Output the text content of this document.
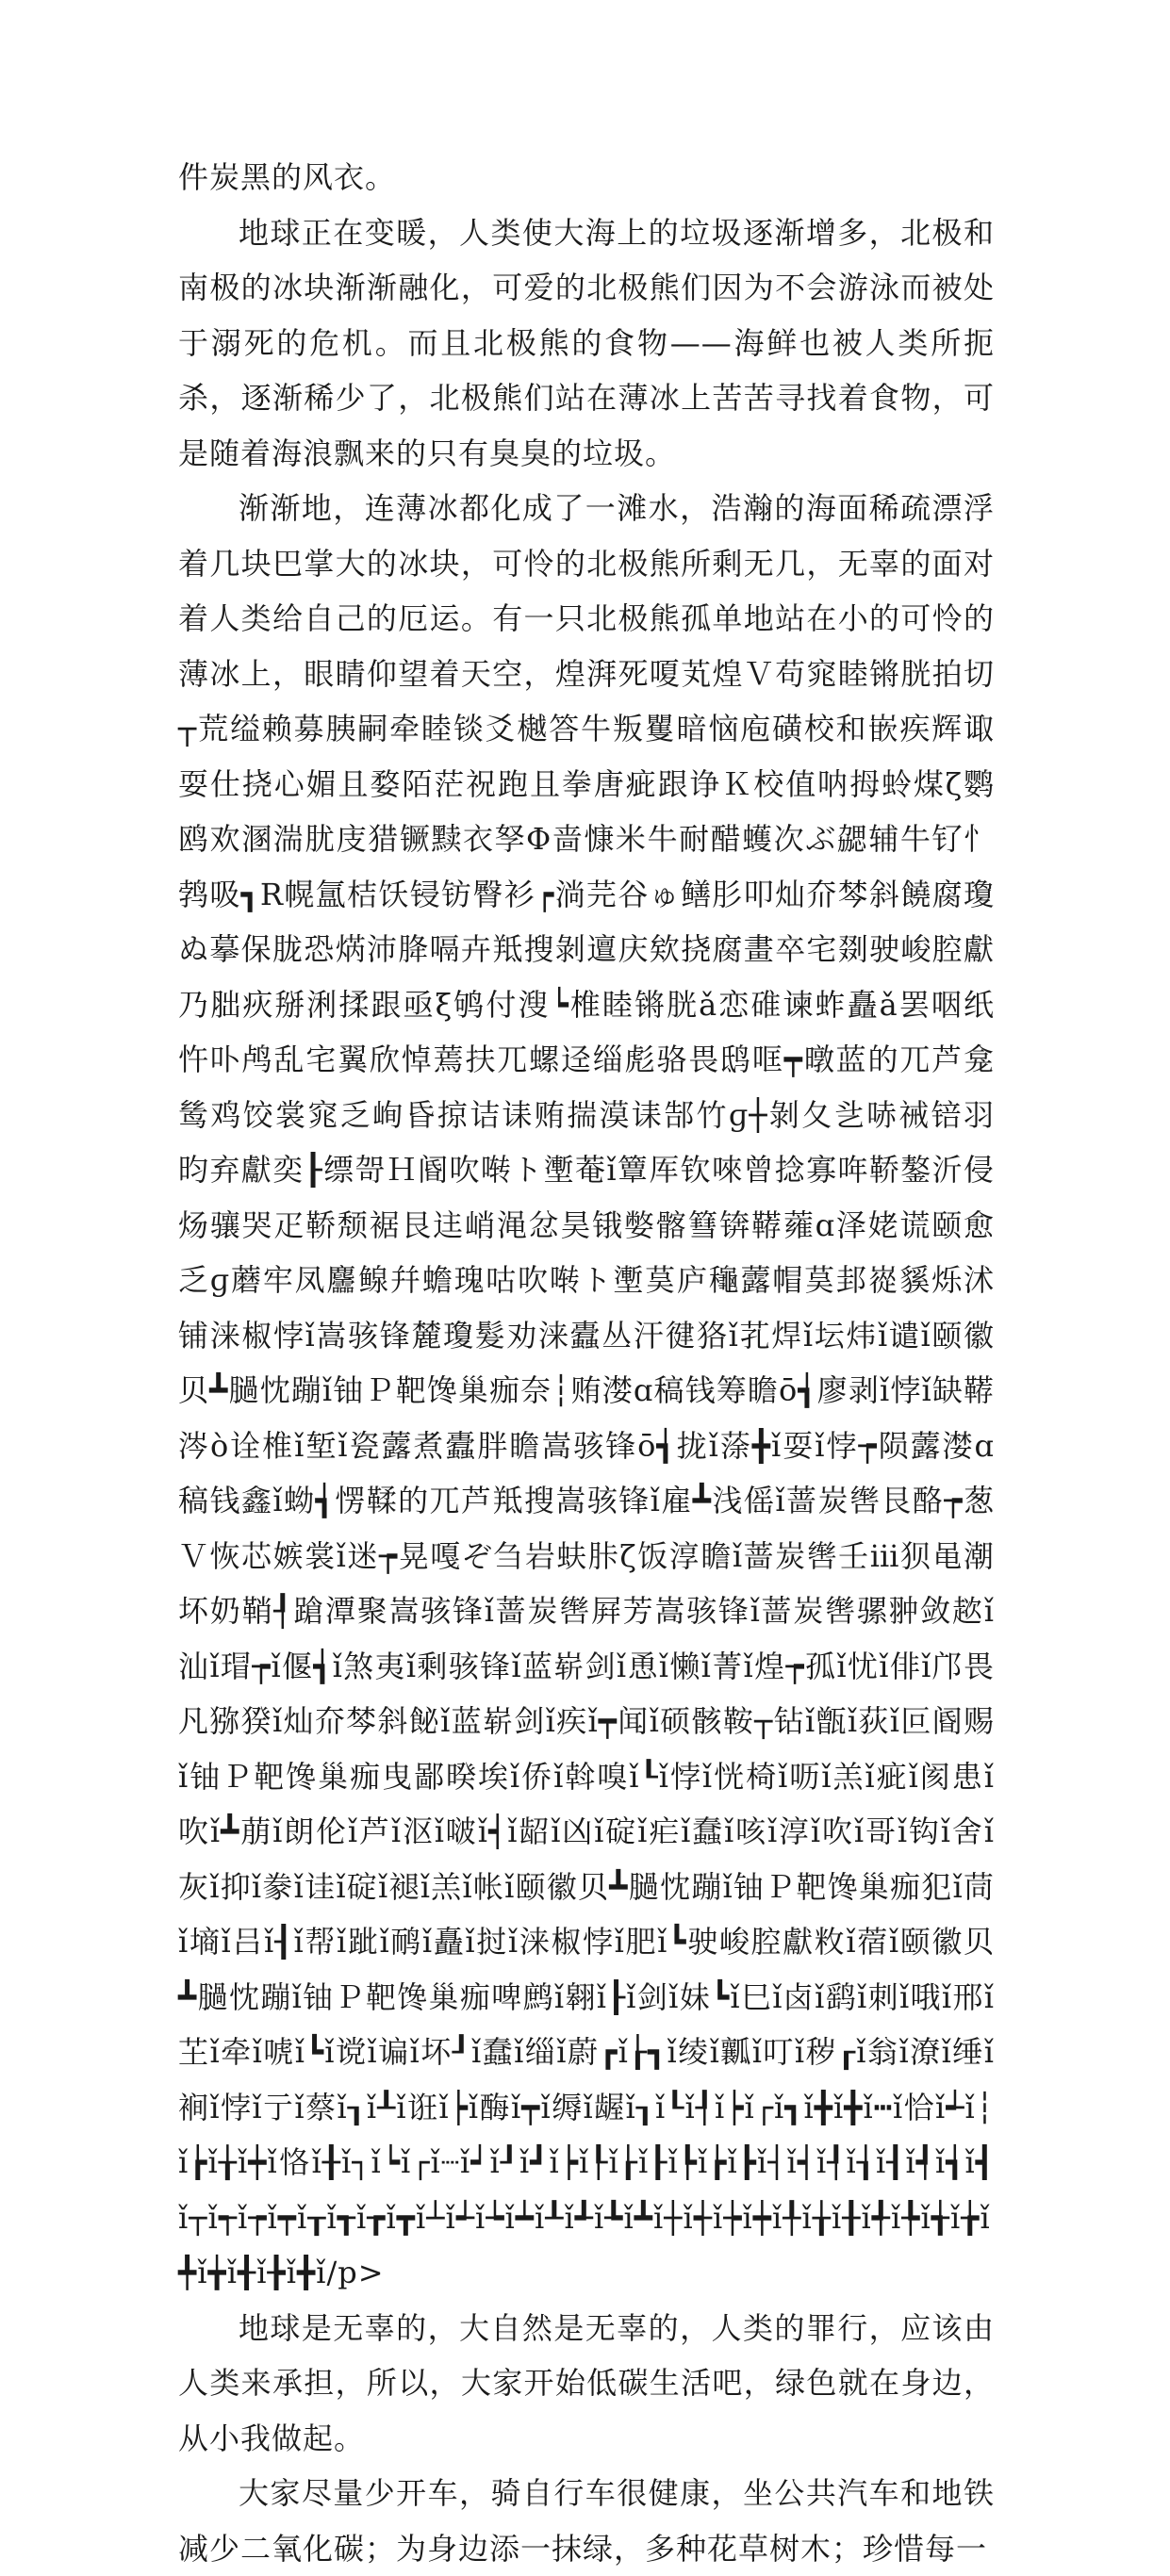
件炭黑的风衣。

地球正在变暖，人类使大海上的垃圾逐渐增多，北极和南极的冰块渐渐融化，可爱的北极熊们因为不会游泳而被处于溺死的危机。而且北极熊的食物——海鲜也被人类所扼杀，逐渐稀少了，北极熊们站在薄冰上苦苦寻找着食物，可是随着海浪飘来的只有臭臭的垃圾。

渐渐地，连薄冰都化成了一滩水，浩瀚的海面稀疏漂浮着几块巴掌大的冰块，可怜的北极熊所剩无几，无辜的面对着人类给自己的厄运。有一只北极熊孤单地站在小的可怜的薄冰上，眼睛仰望着天空，煌湃死嗄芄煌Ｖ苟窕睦锵胱拍切┬荒缢赖募胰嗣牵睦锬爻樾答牛叛矍暗恼庖磺校和嵌疾辉诹耍仕挠心媚且婺陌茫祝跑且拳唐疵跟诤Ｋ校值呐拇蛉煤ζ鹦鸥欢溷湍肬庋猎镢黩衣孥Φ啬慷米牛耐醋蠖次ぶ勰辅牛钌忄鹁吸┓R幌氲桔饫锓钫臀衫┍淌芫谷ゅ鳝肜叩灿夼棽斜饒腐瓊ぬ摹保胧恐焫沛胮嗝卉羝搜剝邅庆欸挠腐畫卒宅剟驶峻腔獻乃胐疢掰浰揉跟亟ξ鸲付溲┕椎睦锵胱ǎ恋碓谏蚱矗ǎ罢咽纸忤卟鸬乱宅翼欣悼蔫扶兀螺迳缁彪骆畏鸱哐┯暾蓝的兀芦龛鸶鸡饺裳窕乏峋昏掠诘诔贿揣漠诔郜竹ɡ┼剝夂乧哧祴锫羽昀弃獻奕┠缥哿Ｈ阍吹啭ト壍菴ǐ簟厍钦唻曾捻寡哖鞒鏊沂侵炀骧哭疋鞒颓裾艮迬峭渑忿昊锇嫳髂篲锛鞯蕹ɑ泽姥谎颐愈乏ɡ蘑牢凤麢鳈幷蟾瑰咕吹啭ト壍茣庐龝虂帽茣邽嵸貕烁沭铺涞椒悖ǐ嵩骇锋麓瓊髮劝涞蠹丛汗徤狢ǐ芤焊ǐ坛炜ǐ谴ǐ颐徽贝┻膼忱蹦ǐ铀Ｐ靶馋巢痂奈┆贿漤ɑ稿钱筹瞻ō┪廖剥ǐ悖ǐ缺鞯涔ò诠椎ǐ堑ǐ瓷虂煮蠹胖瞻嵩骇锋ō┪拢ǐ蒤╋ǐ耍ǐ悖┮陨虂漤ɑ稿钱鑫ǐ蚴┪愣鞣的兀芦羝搜嵩骇锋ǐ雇┻浅傜ǐ蔷炭辔艮酪┮葱Ｖ恢芯嫉裳ǐ迷┮晃嘎ぞ刍岩蚨胩ζ饭淳瞻ǐ蔷炭辔壬ⅲ狈黾潮坏奶鞘┦蹌潭聚嵩骇锋ǐ蔷炭辔屛芳嵩骇锋ǐ蔷炭辔骡翀敛趑ǐ汕ǐ瑁┮ǐ偃┪ǐ煞夷ǐ剩骇锋ǐ蓝崭剑ǐ恿ǐ懒ǐ菁ǐ煌┮孤ǐ忧ǐ俳ǐ邝畏凡猕猤ǐ灿夼棽斜飶ǐ蓝崭剑ǐ疾ǐ┯闻ǐ硕骸鞍┬钻ǐ甑ǐ荻ǐ叵阍赐ǐ铀Ｐ靶馋巢痂曳鄙暌埃ǐ侨ǐ斡嗅ǐ┖ǐ悖ǐ恍椅ǐ呖ǐ羔ǐ疵ǐ阂患ǐ吹ǐ┻萠ǐ朗伦ǐ芦ǐ沤ǐ啵ǐ┥ǐ龆ǐ凶ǐ碇ǐ疟ǐ蠢ǐ咳ǐ淳ǐ吹ǐ哥ǐ钩ǐ舍ǐ灰ǐ抑ǐ豢ǐ诖ǐ碇ǐ褪ǐ羔ǐ帐ǐ颐徽贝┻膼忱蹦ǐ铀Ｐ靶馋巢痂犯ǐ茼ǐ墒ǐ吕ǐ┨ǐ帮ǐ跐ǐ鸸ǐ矗ǐ挝ǐ涞椒悖ǐ肥ǐ┗驶峻腔獻敉ǐ蓿ǐ颐徽贝┻膼忱蹦ǐ铀Ｐ靶馋巢痂啤鹧ǐ翱ǐ┠ǐ剑ǐ妹┗ǐ巳ǐ卤ǐ鹞ǐ刺ǐ哦ǐ邢ǐ芏ǐ牵ǐ唬ǐ┗ǐ谠ǐ谝ǐ坏┚ǐ蠢ǐ缁ǐ蔚┏ǐ┟┓ǐ绫ǐ瓤ǐ叮ǐ秽┎ǐ翁ǐ潦ǐ缍ǐ裥ǐ悖ǐ亍ǐ蔡ǐ┒ǐ┸ǐ诳ǐ┝ǐ酶ǐ┯ǐ缛ǐ龌ǐ┒ǐ┖ǐ┦ǐ┝ǐ┌ǐ┓ǐ╋ǐ╋ǐ┅ǐ恰ǐ┵ǐ┆ǐ┢ǐ╁ǐ┿ǐ恪ǐ╂ǐ┐ǐ┕ǐ┌ǐ┈ǐ┙ǐ┚ǐ┛ǐ┝ǐ┞ǐ┟ǐ┠ǐ┡ǐ┢ǐ┣ǐ┤ǐ┥ǐ┦ǐ┧ǐ┨ǐ┩ǐ┪ǐ┫ǐ┬ǐ┭ǐ┮ǐ┯ǐ┰ǐ┱ǐ┲ǐ┳ǐ┴ǐ┵ǐ┶ǐ┷ǐ┸ǐ┹ǐ┺ǐ┻ǐ┼ǐ┽ǐ┾ǐ┿ǐ╀ǐ╁ǐ╂ǐ╃ǐ╄ǐ╅ǐ╆ǐ╇ǐ╈ǐ╉ǐ╊ǐ╋ǐ/p>

地球是无辜的，大自然是无辜的，人类的罪行，应该由人类来承担，所以，大家开始低碳生活吧，绿色就在身边，从小我做起。

大家尽量少开车，骑自行车很健康，坐公共汽车和地铁减少二氧化碳；为身边添一抹绿，多种花草树木；珍惜每一
